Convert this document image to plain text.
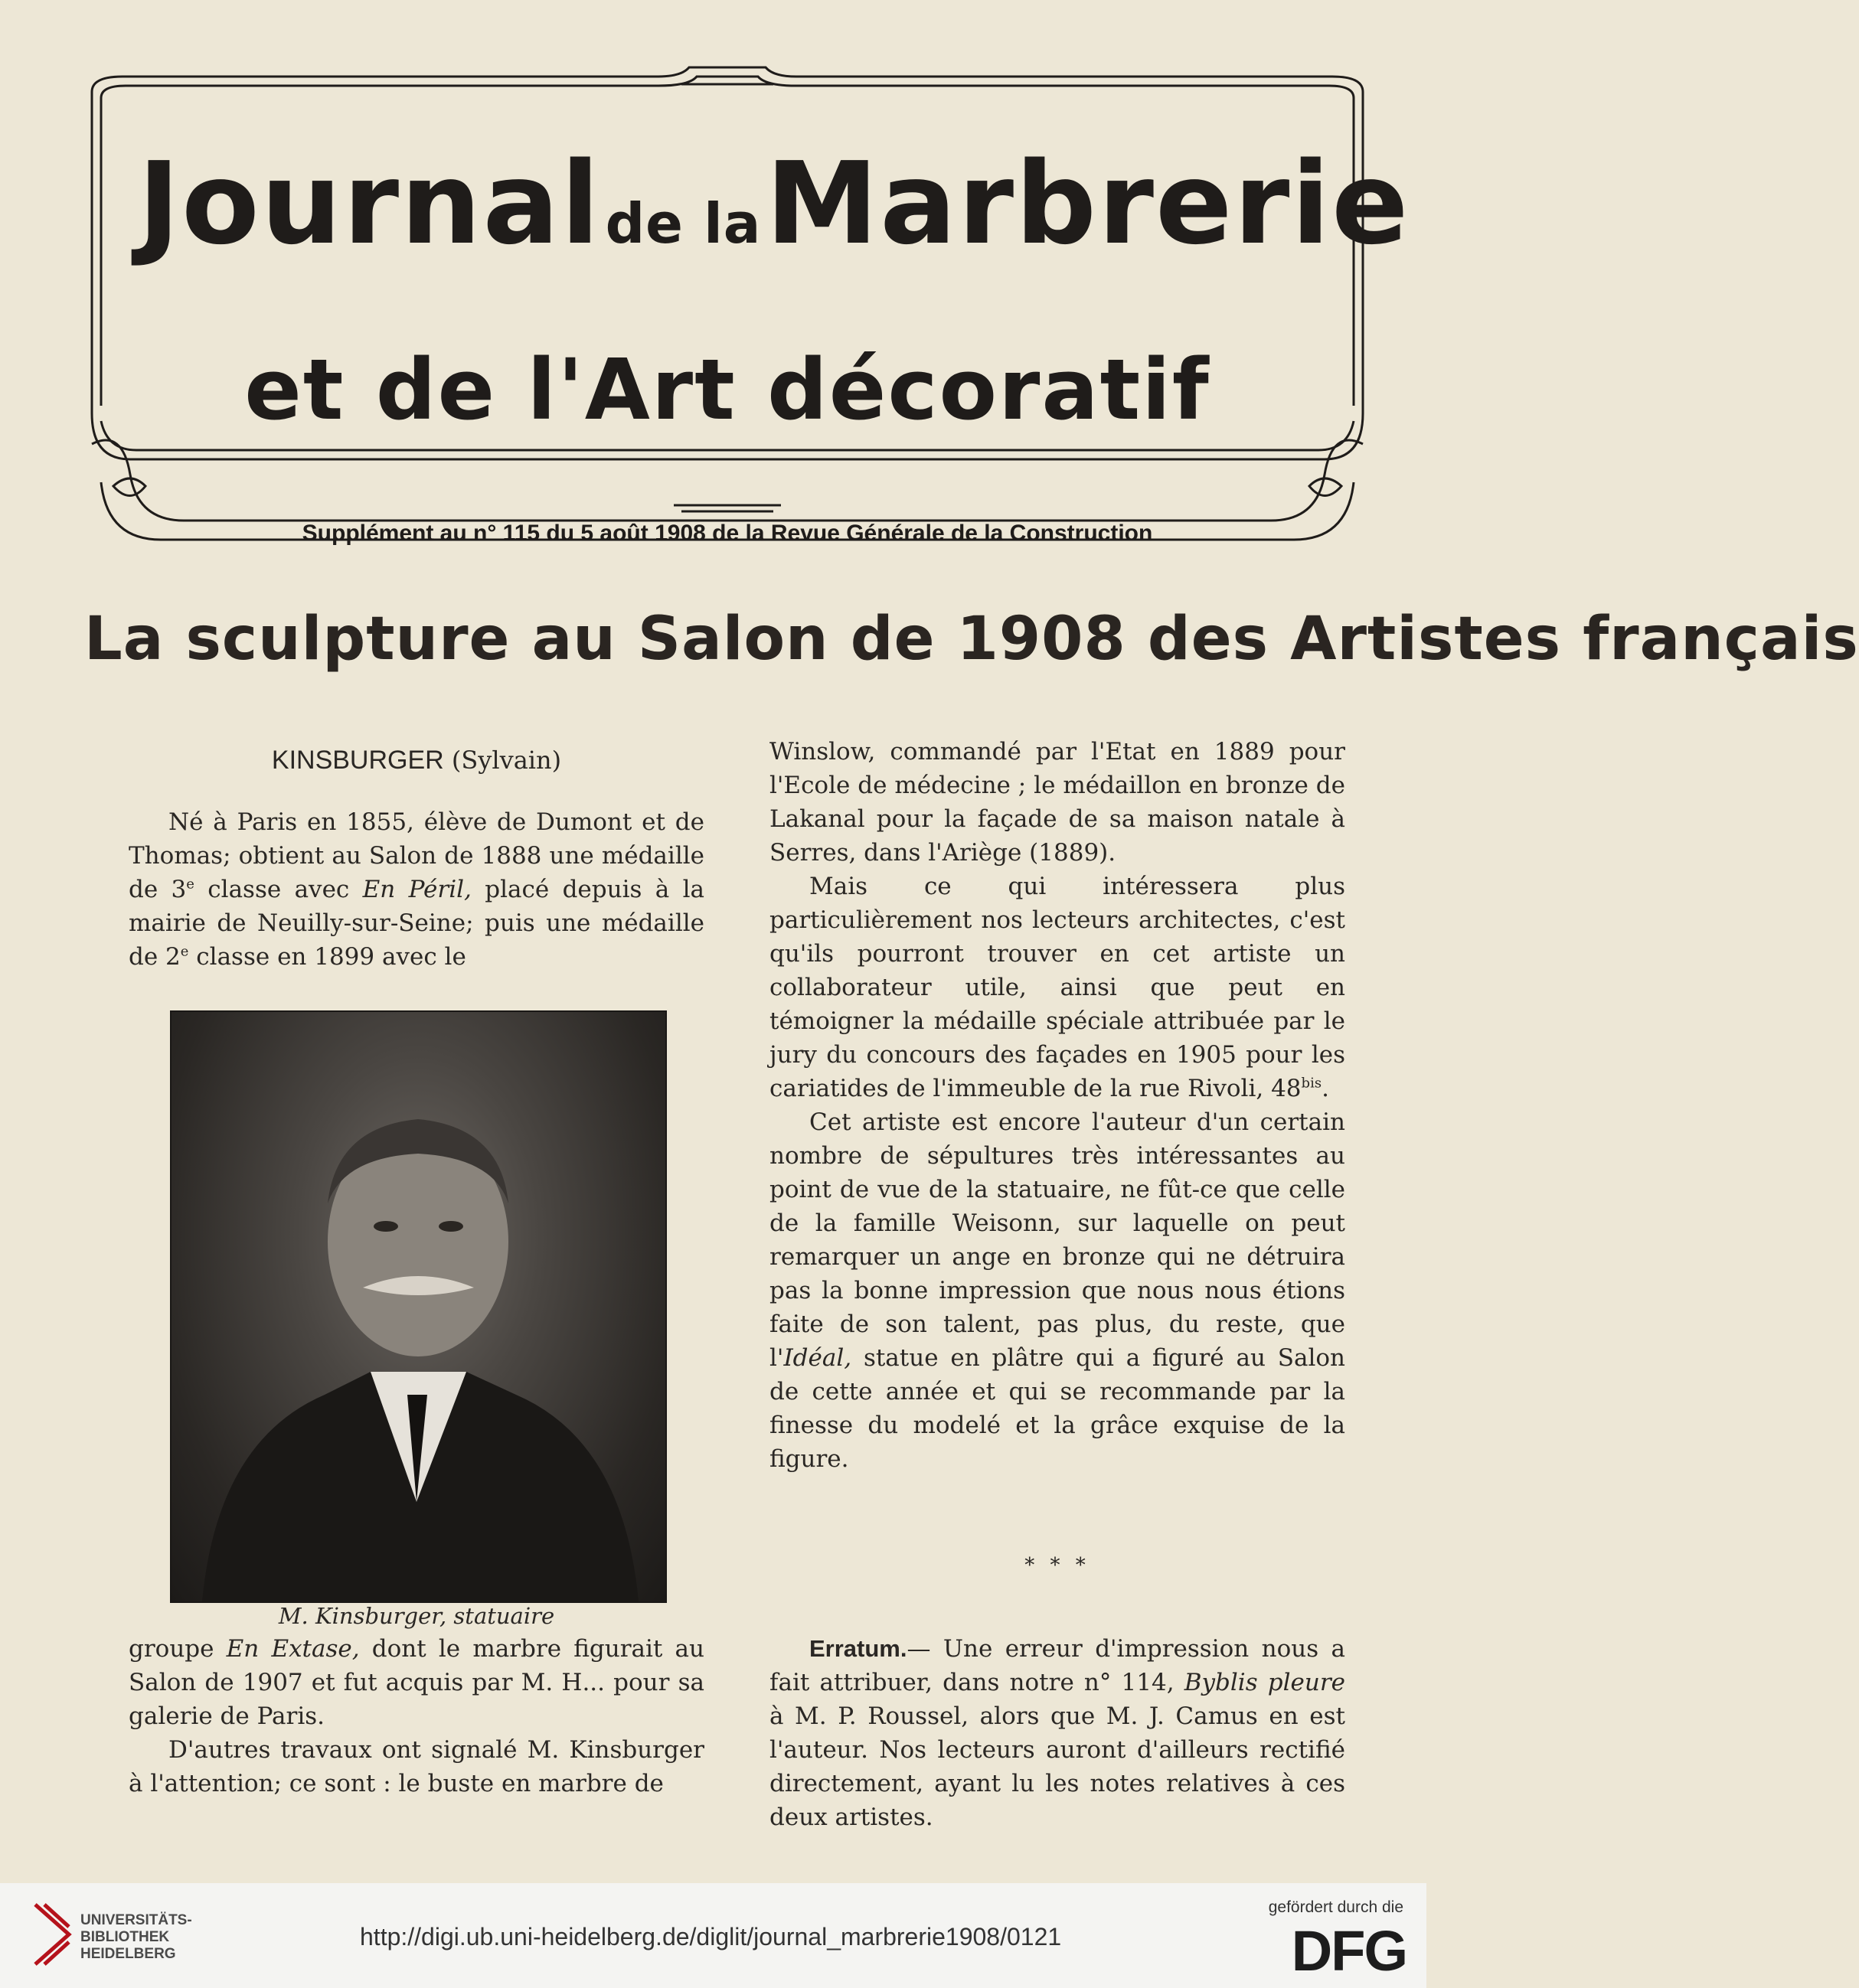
Journal de la Marbrerie
et de l'Art décoratif
Supplément au n° 115 du 5 août 1908 de la Revue Générale de la Construction
La sculpture au Salon de 1908 des Artistes français
KINSBURGER (Sylvain)

Né à Paris en 1855, élève de Dumont et de Thomas; obtient au Salon de 1888 une médaille de 3e classe avec En Péril, placé depuis à la mairie de Neuilly-sur-Seine; puis une médaille de 2e classe en 1899 avec le

M. Kinsburger, statuaire

groupe En Extase, dont le marbre figurait au Salon de 1907 et fut acquis par M. H... pour sa galerie de Paris.

D'autres travaux ont signalé M. Kinsburger à l'attention; ce sont : le buste en marbre de

Winslow, commandé par l'Etat en 1889 pour l'Ecole de médecine ; le médaillon en bronze de Lakanal pour la façade de sa maison natale à Serres, dans l'Ariège (1889).

Mais ce qui intéressera plus particulièrement nos lecteurs architectes, c'est qu'ils pourront trouver en cet artiste un collaborateur utile, ainsi que peut en témoigner la médaille spéciale attribuée par le jury du concours des façades en 1905 pour les cariatides de l'immeuble de la rue Rivoli, $48^{bis}$.

Cet artiste est encore l'auteur d'un certain nombre de sépultures très intéressantes au point de vue de la statuaire, ne fût-ce que celle de la famille Weisonn, sur laquelle on peut remarquer un ange en bronze qui ne détruira pas la bonne impression que nous nous étions faite de son talent, pas plus, du reste, que l'Idéal, statue en plâtre qui a figuré au Salon de cette année et qui se recommande par la finesse du modelé et la grâce exquise de la figure.

* * *

Erratum.— Une erreur d'impression nous a fait attribuer, dans notre n° 114, Byblis pleure à M. P. Roussel, alors que M. J. Camus en est l'auteur. Nos lecteurs auront d'ailleurs rectifié directement, ayant lu les notes relatives à ces deux artistes.

UNIVERSITÄTS-
BIBLIOTHEK
HEIDELBERG
http://digi.ub.uni-heidelberg.de/diglit/journal_marbrerie1908/0121
gefördert durch die
DFG
